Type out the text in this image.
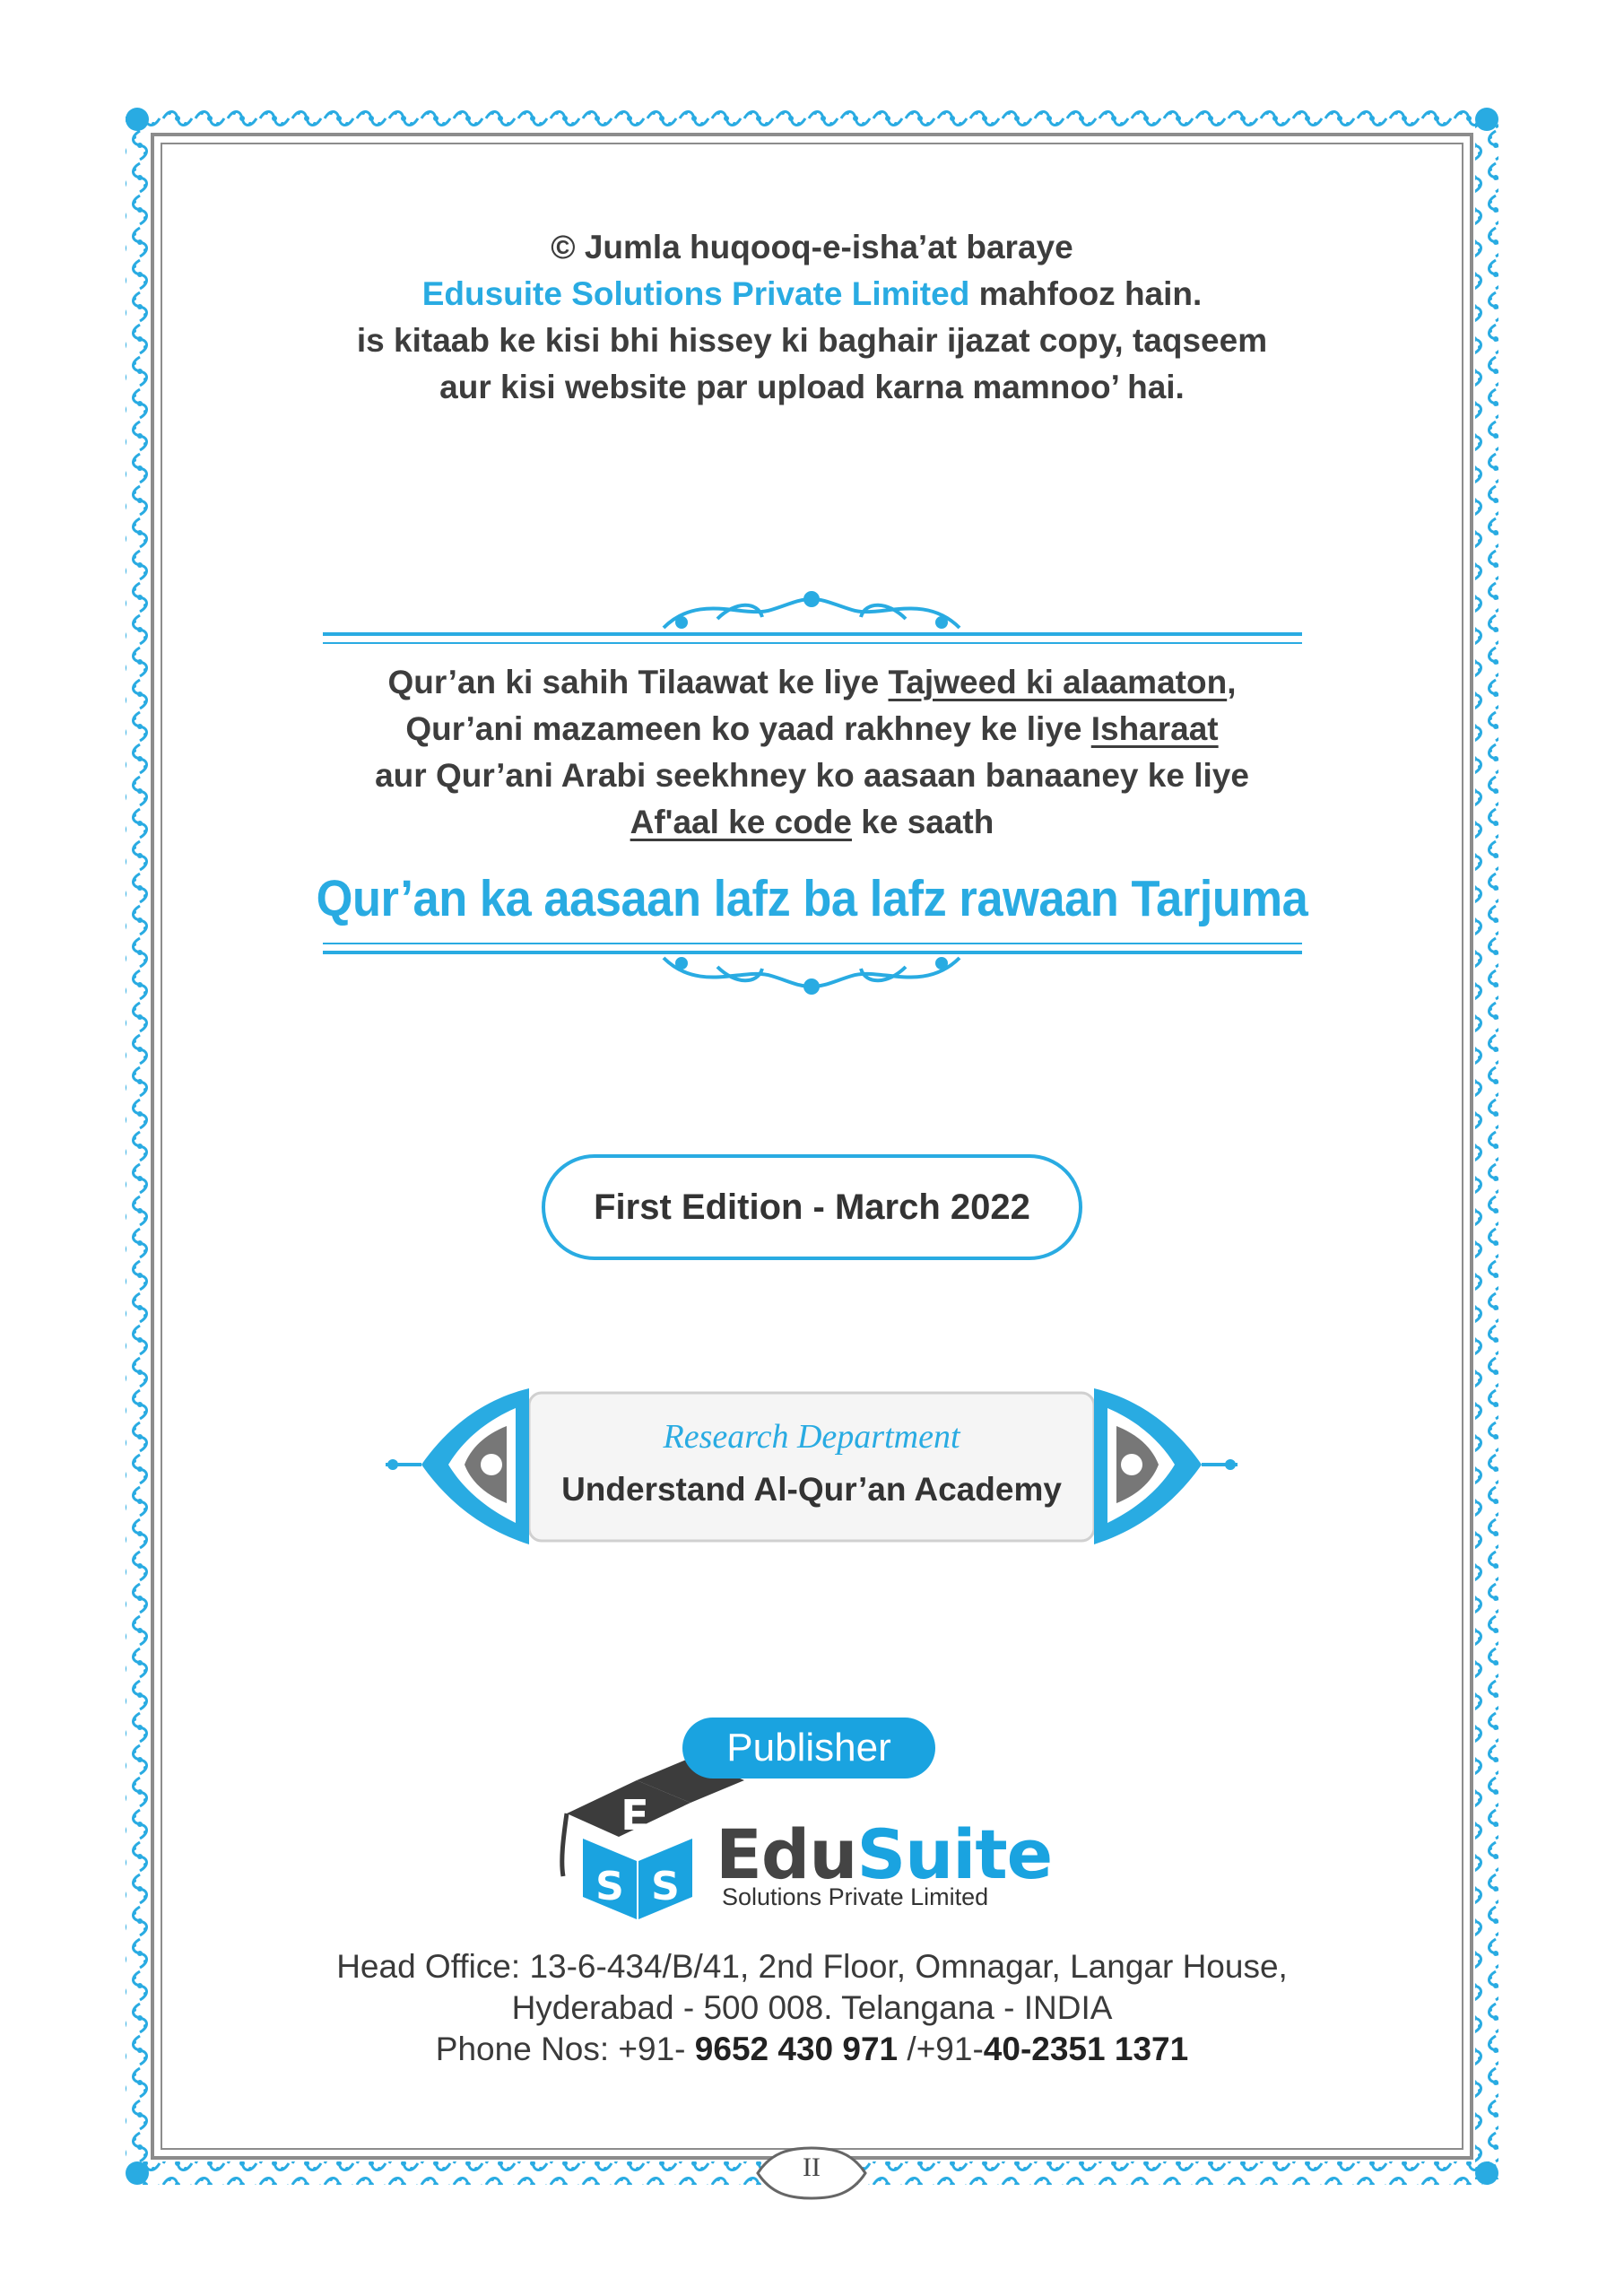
E
S S
© Jumla huqooq-e-isha’at baraye
Edusuite Solutions Private Limited mahfooz hain.
is kitaab ke kisi bhi hissey ki baghair ijazat copy, taqseem
aur kisi website par upload karna mamnoo’ hai.
Qur’an ki sahih Tilaawat ke liye Tajweed ki alaamaton,
Qur’ani mazameen ko yaad rakhney ke liye Isharaat
aur Qur’ani Arabi seekhney ko aasaan banaaney ke liye
Af'aal ke code ke saath
Qur’an ka aasaan lafz ba lafz rawaan Tarjuma
First Edition - March 2022
Research Department
Understand Al-Qur’an Academy
Publisher
EduSuite
Solutions Private Limited
Head Office: 13-6-434/B/41, 2nd Floor, Omnagar, Langar House,
Hyderabad - 500 008. Telangana - INDIA
Phone Nos: +91- 9652 430 971 /+91-40-2351 1371
II
